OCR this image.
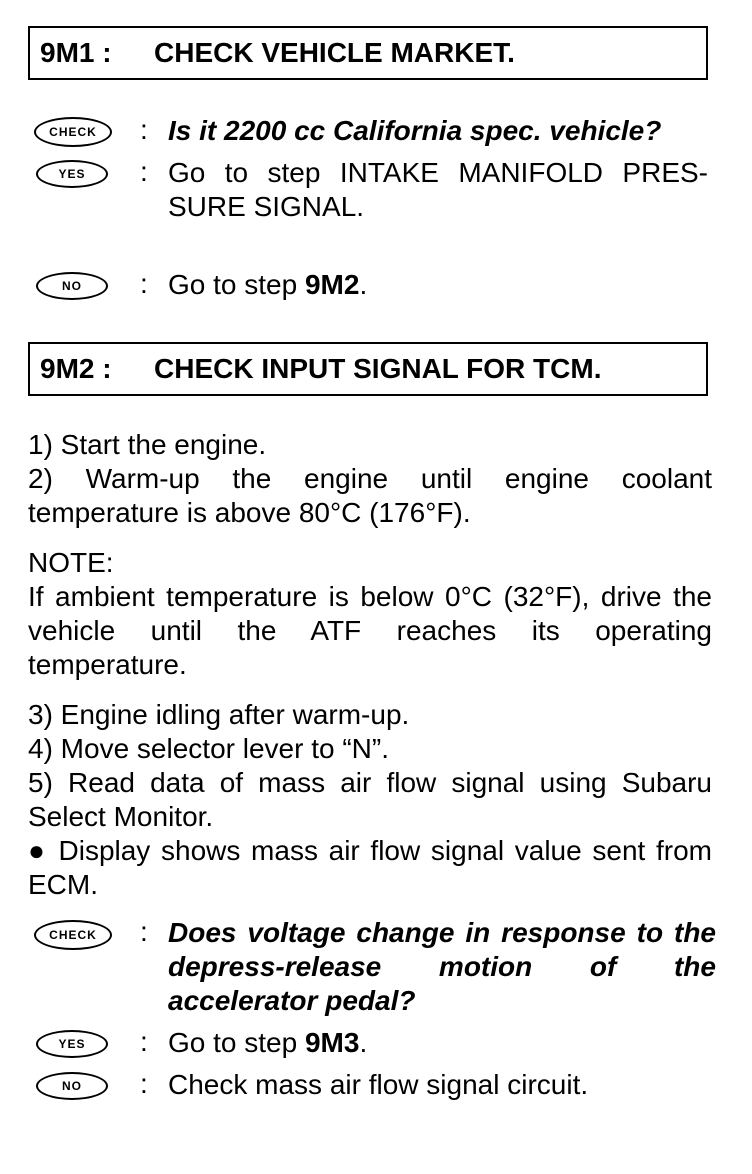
9M1 : CHECK VEHICLE MARKET.
CHECK	: Is it 2200 cc California spec. vehicle?
YES	: Go to step INTAKE MANIFOLD PRES-SURE SIGNAL.
NO	: Go to step 9M2.
9M2 : CHECK INPUT SIGNAL FOR TCM.
1) Start the engine.
2) Warm-up the engine until engine coolant temperature is above 80°C (176°F).
NOTE:
If ambient temperature is below 0°C (32°F), drive the vehicle until the ATF reaches its operating temperature.
3) Engine idling after warm-up.
4) Move selector lever to “N”.
5) Read data of mass air flow signal using Subaru Select Monitor.
● Display shows mass air flow signal value sent from ECM.
CHECK	: Does voltage change in response to the depress-release motion of the accelerator pedal?
YES	: Go to step 9M3.
NO	: Check mass air flow signal circuit.
